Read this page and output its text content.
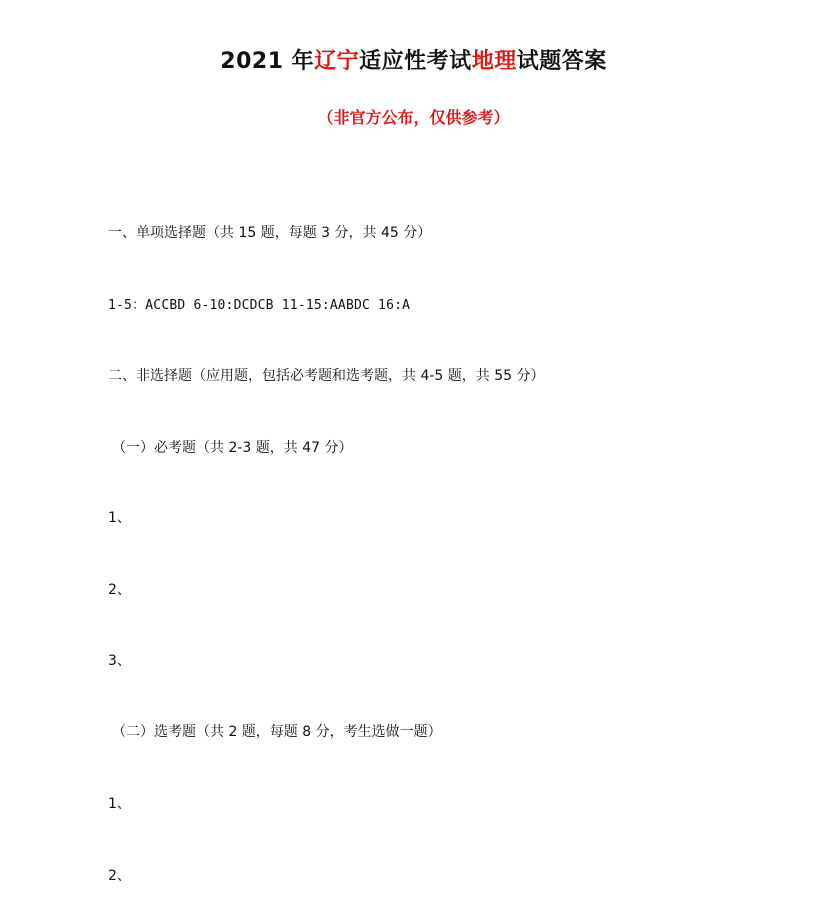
2021 年辽宁适应性考试地理试题答案
（非官方公布，仅供参考）
一、单项选择题（共 15 题，每题 3 分，共 45 分）
1-5：ACCBD 6-10:DCDCB 11-15:AABDC 16:A
二、非选择题（应用题，包括必考题和选考题，共 4-5 题，共 55 分）
（一）必考题（共 2-3 题，共 47 分）
1、
2、
3、
（二）选考题（共 2 题，每题 8 分，考生选做一题）
1、
2、
